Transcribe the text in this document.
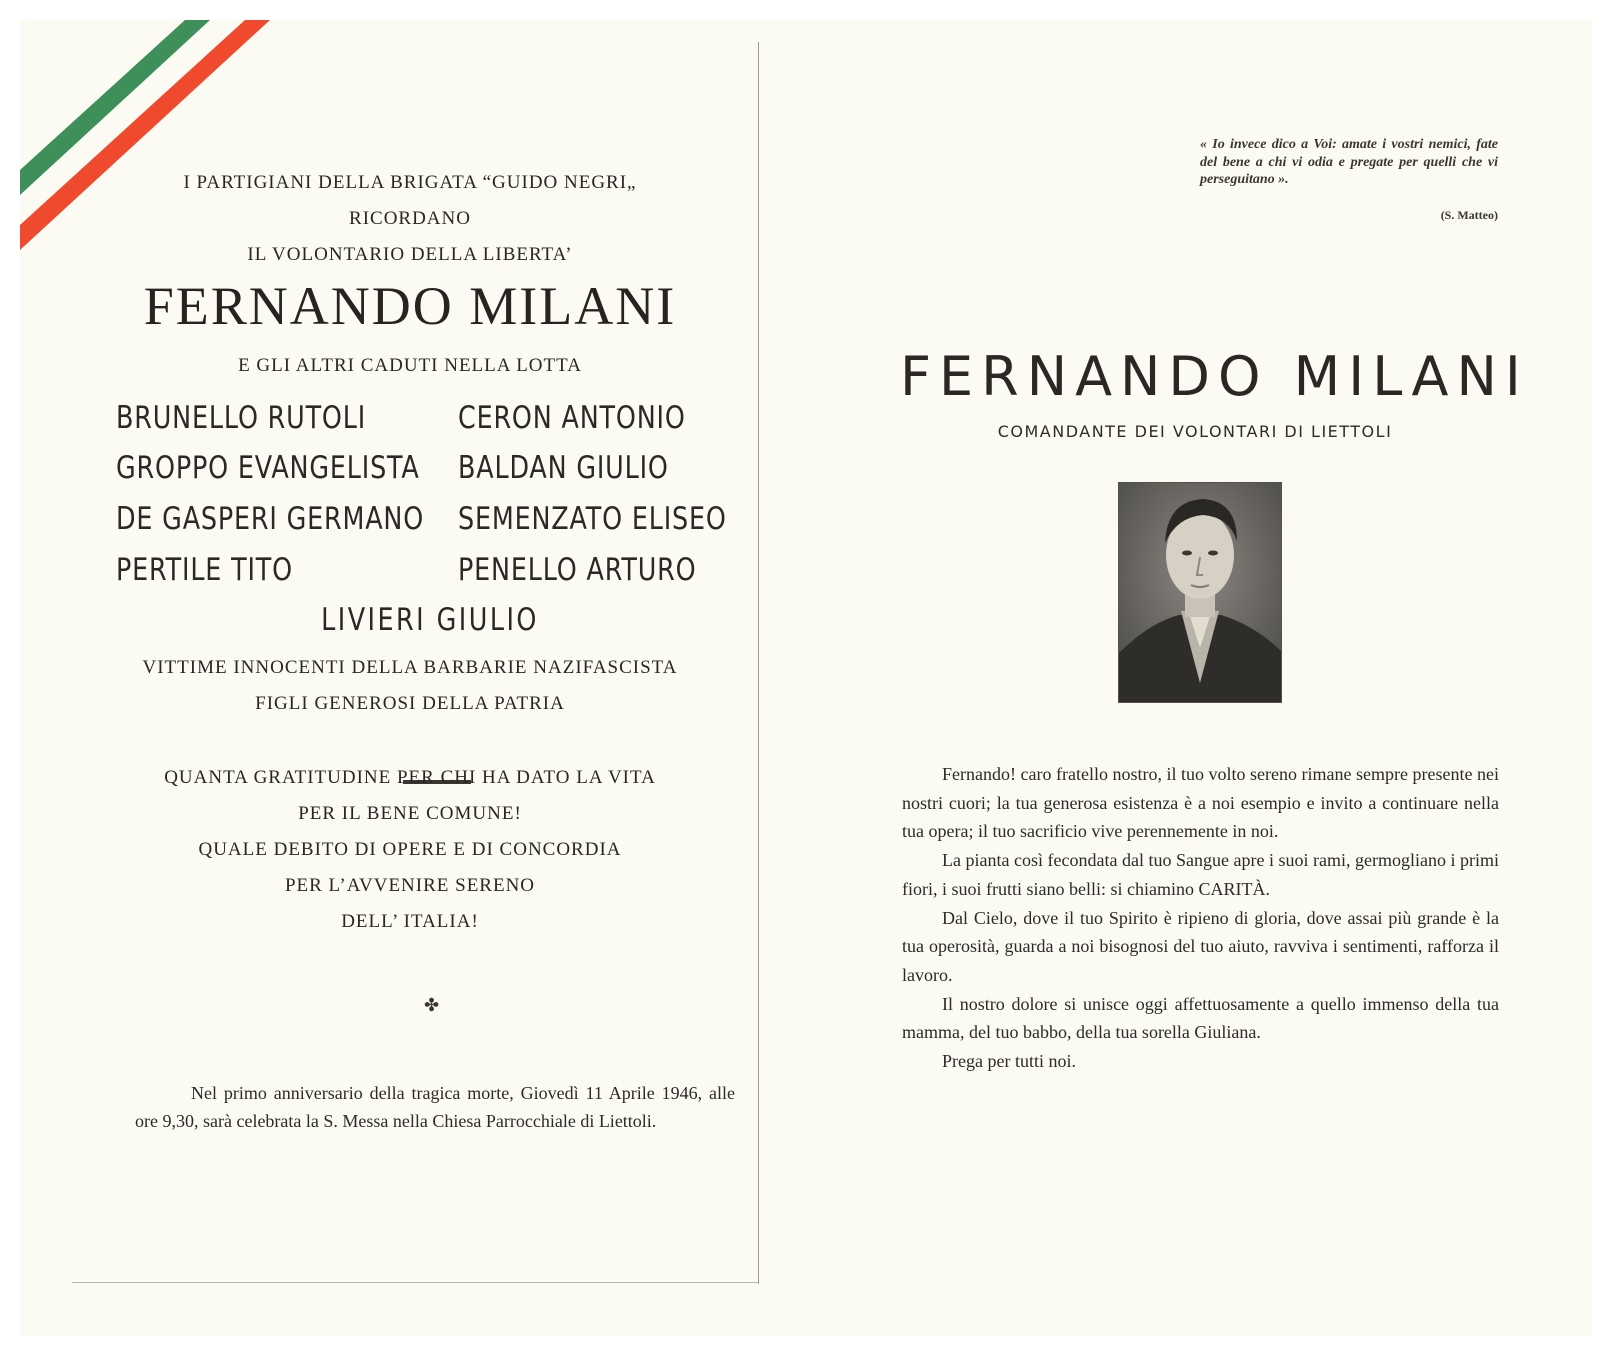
I PARTIGIANI DELLA BRIGATA “GUIDO NEGRI„
RICORDANO
IL VOLONTARIO DELLA LIBERTA’
FERNANDO MILANI
E GLI ALTRI CADUTI NELLA LOTTA
BRUNELLO RUTOLI
GROPPO EVANGELISTA
DE GASPERI GERMANO
PERTILE TITO
CERON ANTONIO
BALDAN GIULIO
SEMENZATO ELISEO
PENELLO ARTURO
LIVIERI GIULIO
VITTIME INNOCENTI DELLA BARBARIE NAZIFASCISTA
FIGLI GENEROSI DELLA PATRIA
QUANTA GRATITUDINE PER CHI HA DATO LA VITA
PER IL BENE COMUNE!
QUALE DEBITO DI OPERE E DI CONCORDIA
PER L’AVVENIRE SERENO
DELL’ ITALIA!
✤
Nel primo anniversario della tragica morte, Giovedì 11 Aprile 1946, alle ore 9,30, sarà celebrata la S. Messa nella Chiesa Parrocchiale di Liettoli.
« Io invece dico a Voi: amate i vostri nemici, fate del bene a chi vi odia e pregate per quelli che vi perseguitano ».
(S. Matteo)
FERNANDO MILANI
COMANDANTE DEI VOLONTARI DI LIETTOLI

Fernando! caro fratello nostro, il tuo volto sereno rimane sempre presente nei nostri cuori; la tua generosa esistenza è a noi esempio e invito a continuare nella tua opera; il tuo sacrificio vive perennemente in noi.

La pianta così fecondata dal tuo Sangue apre i suoi rami, germogliano i primi fiori, i suoi frutti siano belli: si chiamino CARITÀ.

Dal Cielo, dove il tuo Spirito è ripieno di gloria, dove assai più grande è la tua operosità, guarda a noi bisognosi del tuo aiuto, ravviva i sentimenti, rafforza il lavoro.

Il nostro dolore si unisce oggi affettuosamente a quello immenso della tua mamma, del tuo babbo, della tua sorella Giuliana.

Prega per tutti noi.
